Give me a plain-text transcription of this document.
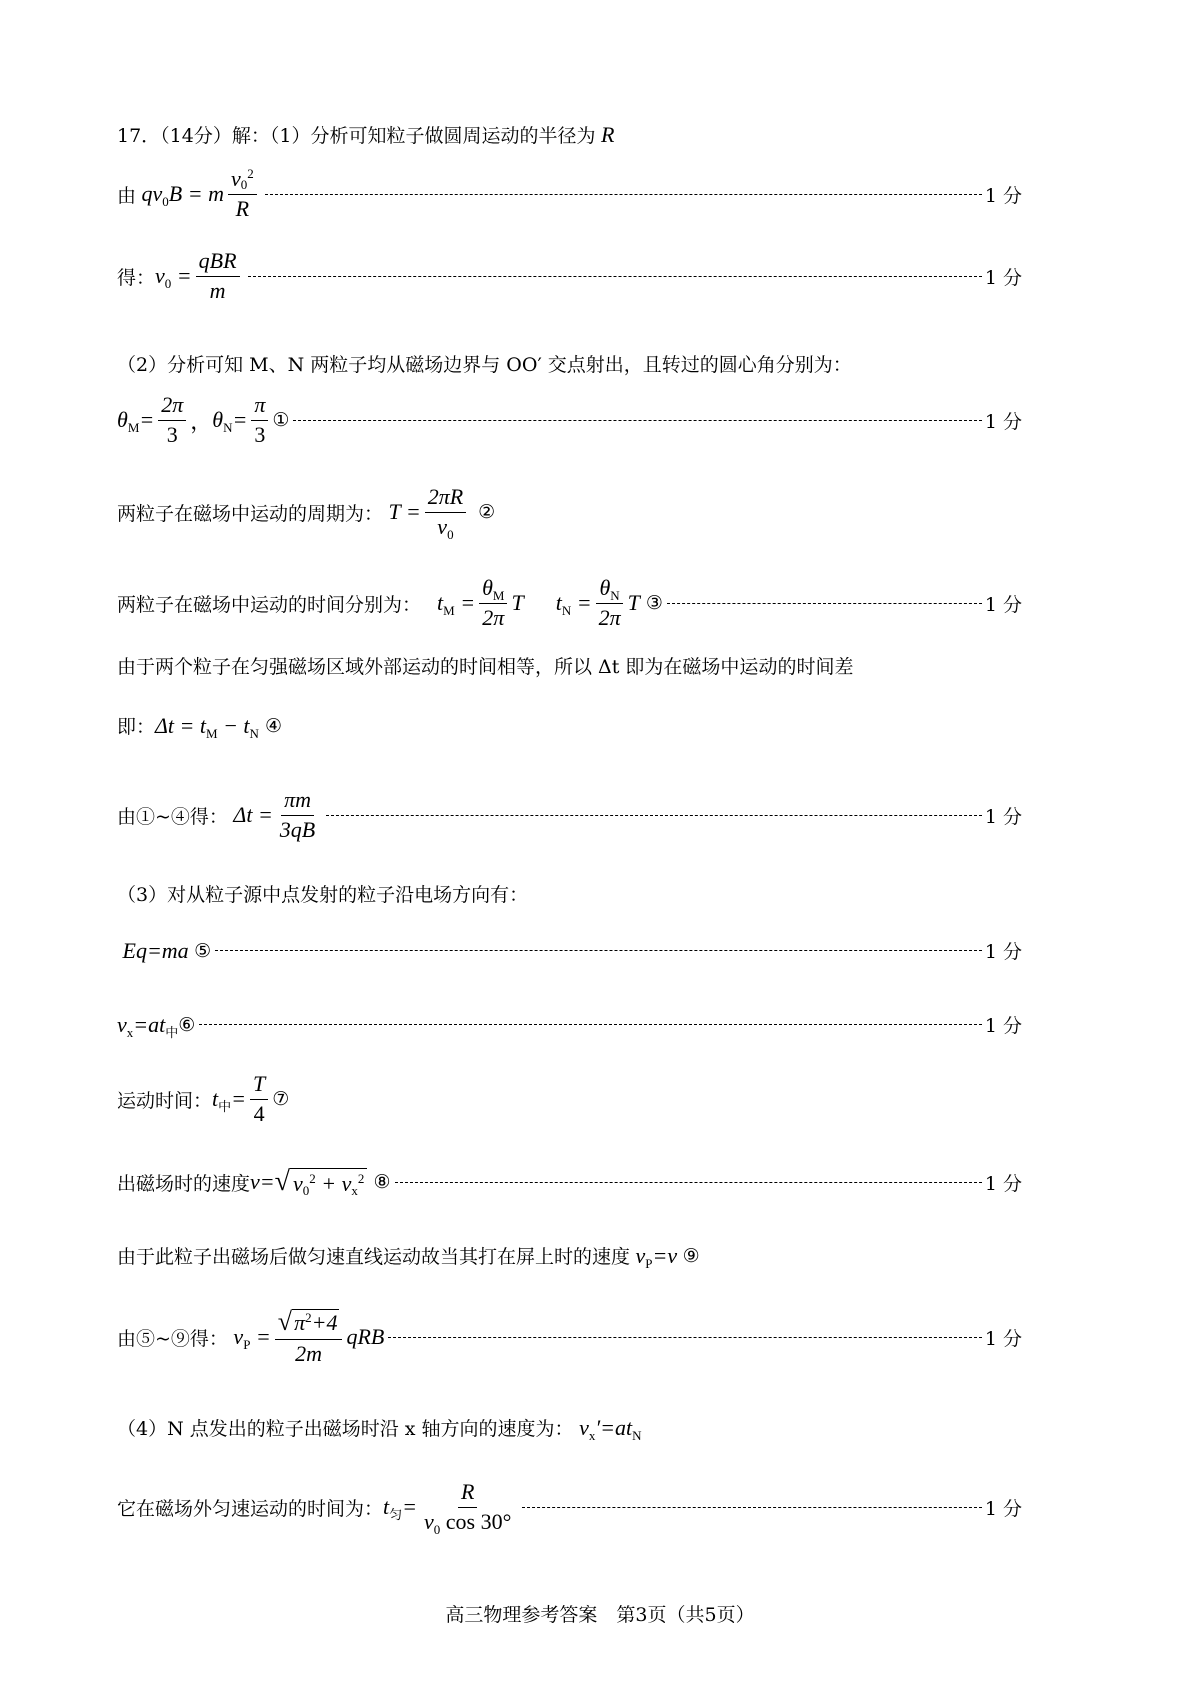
17．（14分）解：（1）分析可知粒子做圆周运动的半径为 R
由 $qv_0B = m \frac{v0^2}{R}$	1 分
得： $v_0 = \frac{\text{qBR}}{m}$	1 分
（2）分析可知 M、N 两粒子均从磁场边界与 OO′ 交点射出，且转过的圆心角分别为：
$\theta_M= \frac{2\pi}{3}$ ， $\theta_N= \frac{\pi}{3}$ ①	1 分
两粒子在磁场中运动的周期为： $T = \frac{2\pi R}{v_0}$ ②
两粒子在磁场中运动的时间分别为： $t_M = \frac{\theta_M}{2\pi}$ T $t_N = \frac{\theta_N}{2\pi}$ T
③	1 分
由于两个粒子在匀强磁场区域外部运动的时间相等，所以 Δt 即为在磁场中运动的时间差
即： $\Delta t = t_M - t_N$
④
由①~④得： $\Delta t = \frac{\pi m}{3qB}$	1 分
（3）对从粒子源中点发射的粒子沿电场方向有：
Eq=ma ⑤	1 分
$v_x=at_中$ ⑥	1 分
运动时间： $t_中= \frac{T}{4}$ ⑦
出磁场时的速度 v= √ $v0^2 + vx^2$
⑧	1 分
由于此粒子出磁场后做匀速直线运动故当其打在屏上时的速度 $v_P=v$ ⑨
由⑤~⑨得： $v_P = \frac{√ \pi^2+4}{2m}$ qRB	1 分
（4）N 点发出的粒子出磁场时沿 x 轴方向的速度为： $v_x'=at_N$
它在磁场外匀速运动的时间为： $t_匀= \frac{R}{v_0 \cos 30^\circ}$	1 分
高三物理参考答案　第3页（共5页）
